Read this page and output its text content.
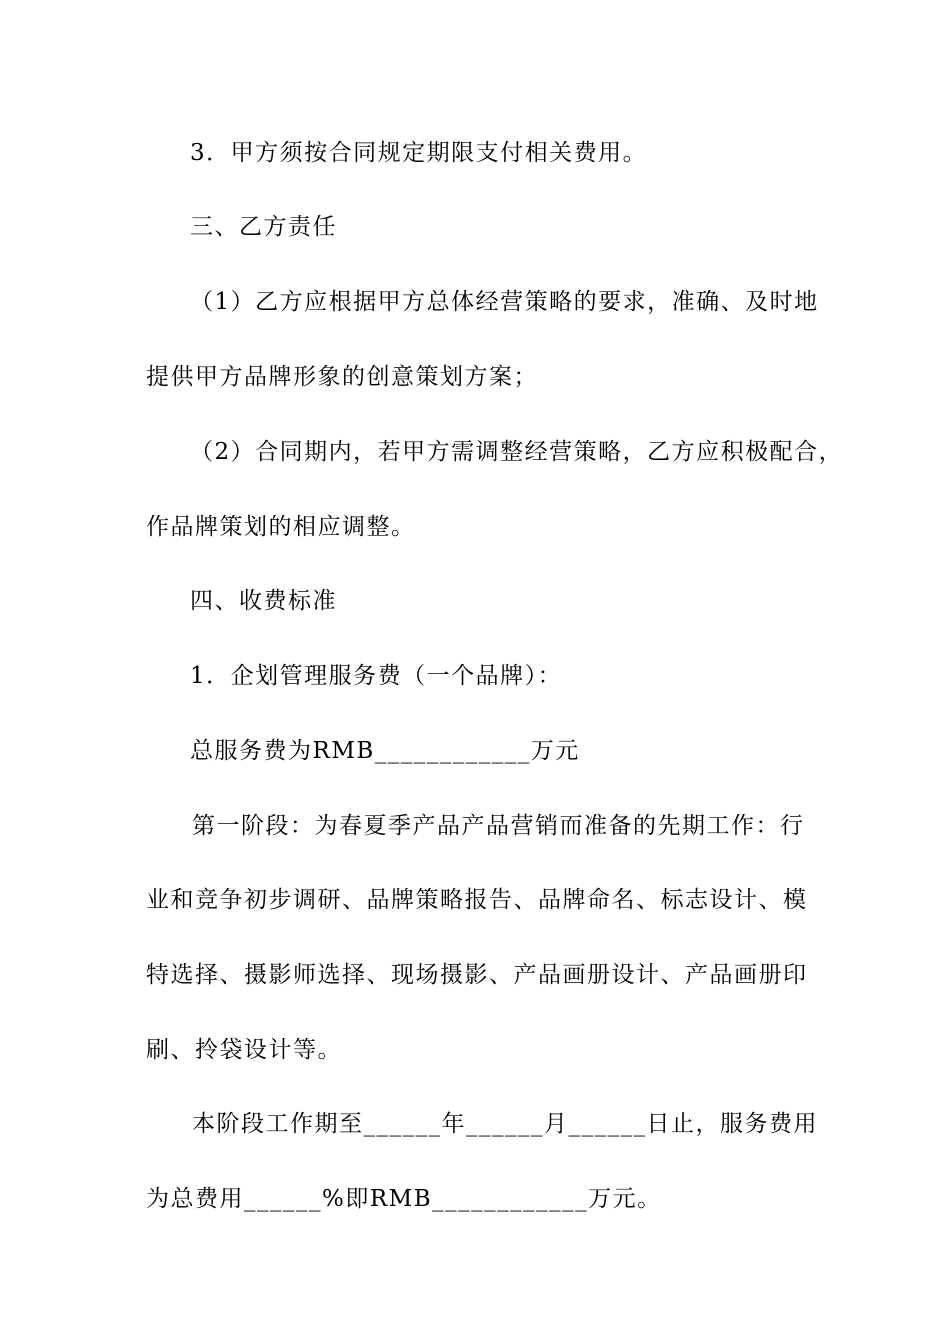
3．甲方须按合同规定期限支付相关费用。
三、乙方责任
（1）乙方应根据甲方总体经营策略的要求，准确、及时地
提供甲方品牌形象的创意策划方案；
（2）合同期内，若甲方需调整经营策略，乙方应积极配合，
作品牌策划的相应调整。
四、收费标准
1．企划管理服务费（一个品牌）：
总服务费为RMB____________万元
第一阶段：为春夏季产品产品营销而准备的先期工作：行
业和竞争初步调研、品牌策略报告、品牌命名、标志设计、模
特选择、摄影师选择、现场摄影、产品画册设计、产品画册印
刷、拎袋设计等。
本阶段工作期至______年______月______日止，服务费用
为总费用______%即RMB____________万元。
